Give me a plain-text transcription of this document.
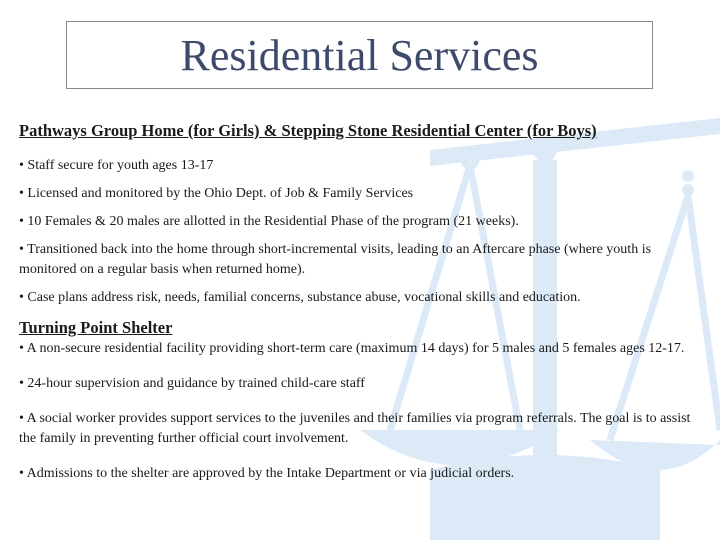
Residential Services

Pathways Group Home (for Girls) & Stepping Stone Residential Center (for Boys)

• Staff secure for youth ages 13-17

• Licensed and monitored by the Ohio Dept. of Job & Family Services

• 10 Females & 20 males are allotted in the Residential Phase of the program (21 weeks).

• Transitioned back into the home through short-incremental visits, leading to an Aftercare phase (where youth is monitored on a regular basis when returned home).

• Case plans address risk, needs, familial concerns, substance abuse, vocational skills and education.

Turning Point Shelter

• A non-secure residential facility providing short-term care (maximum 14 days) for 5 males and 5 females ages 12-17.

• 24-hour supervision and guidance by trained child-care staff

• A social worker provides support services to the juveniles and their families via program referrals. The goal is to assist the family in preventing further official court involvement.

• Admissions to the shelter are approved by the Intake Department or via judicial orders.
